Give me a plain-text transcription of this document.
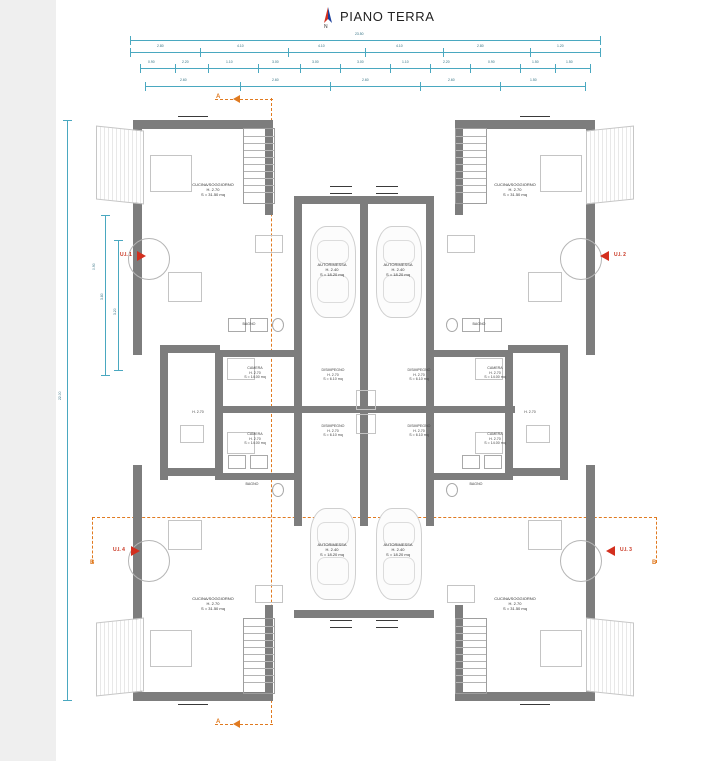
N
PIANO TERRA
23.50
2.80	4.10	4.10	4.10	2.80	1.20
0.90	2.20	1.10	3.00	3.00	3.00	1.10	2.20	0.90	1.50	1.50
2.60	2.60	2.60	2.60	1.50
22.00
3.80
3.20
0.90
A
A
B	B
CUCINA/SOGGIORNO
H. 2.70
S = 31.50 mq
CUCINA/SOGGIORNO
H. 2.70
S = 31.50 mq
CUCINA/SOGGIORNO
H. 2.70
S = 31.50 mq
CUCINA/SOGGIORNO
H. 2.70
S = 31.50 mq
AUTORIMESSA
H. 2.40
S = 18.20 mq
AUTORIMESSA
H. 2.40
S = 18.20 mq
AUTORIMESSA
H. 2.40
S = 18.20 mq
AUTORIMESSA
H. 2.40
S = 18.20 mq
BAGNO	BAGNO
BAGNO
BAGNO
CAMERA
H. 2.70
S = 14.00 mq
CAMERA
H. 2.70
S = 14.00 mq
CAMERA
H. 2.70
S = 14.00 mq
CAMERA
H. 2.70
S = 14.00 mq
DISIMPEGNO
H. 2.70
S = 6.10 mq
DISIMPEGNO
H. 2.70
S = 6.10 mq
DISIMPEGNO
H. 2.70
S = 6.10 mq
DISIMPEGNO
H. 2.70
S = 6.10 mq
H. 2.70	H. 2.70
U.I. 1	U.I. 2
U.I. 3
U.I. 4
